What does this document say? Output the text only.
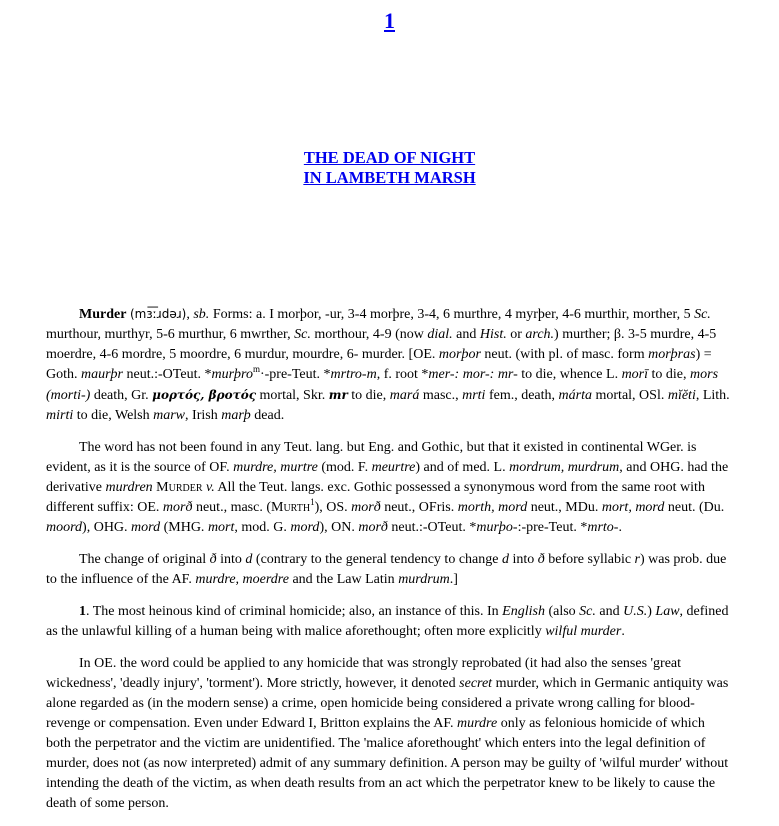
1
THE DEAD OF NIGHT
IN LAMBETH MARSH

Murder (mɜ͞ːɹdəɹ), sb. Forms: a. I morþor, -ur, 3-4 morþre, 3-4, 6 murthre, 4 myrþer, 4-6 murthir, morther, 5 Sc. murthour, murthyr, 5-6 murthur, 6 mwrther, Sc. morthour, 4-9 (now dial. and Hist. or arch.) murther; β. 3-5 murdre, 4-5 moerdre, 4-6 mordre, 5 moordre, 6 murdur, mourdre, 6- murder. [OE. morþor neut. (with pl. of masc. form morþras) = Goth. maurþr neut.:-OTeut. *murþro$^m$·-pre-Teut. *mrtro-m, f. root *mer-: mor-: mr- to die, whence L. morī to die, mors (morti-) death, Gr. μορτός, βροτός mortal, Skr. mr to die, mará masc., mrti fem., death, márta mortal, OSl. mĭĕti, Lith. mirti to die, Welsh marw, Irish marþ dead.

The word has not been found in any Teut. lang. but Eng. and Gothic, but that it existed in continental WGer. is evident, as it is the source of OF. murdre, murtre (mod. F. meurtre) and of med. L. mordrum, murdrum, and OHG. had the derivative murdren Murder v. All the Teut. langs. exc. Gothic possessed a synonymous word from the same root with different suffix: OE. morð neut., masc. (Murth$^1$), OS. morð neut., OFris. morth, mord neut., MDu. mort, mord neut. (Du. moord), OHG. mord (MHG. mort, mod. G. mord), ON. morð neut.:-OTeut. *murþo-:-pre-Teut. *mrto-.

The change of original ð into d (contrary to the general tendency to change d into ð before syllabic r) was prob. due to the influence of the AF. murdre, moerdre and the Law Latin murdrum.]

1. The most heinous kind of criminal homicide; also, an instance of this. In English (also Sc. and U.S.) Law, defined as the unlawful killing of a human being with malice aforethought; often more explicitly wilful murder.

In OE. the word could be applied to any homicide that was strongly reprobated (it had also the senses 'great wickedness', 'deadly injury', 'torment'). More strictly, however, it denoted secret murder, which in Germanic antiquity was alone regarded as (in the modern sense) a crime, open homicide being considered a private wrong calling for blood-revenge or compensation. Even under Edward I, Britton explains the AF. murdre only as felonious homicide of which both the perpetrator and the victim are unidentified. The 'malice aforethought' which enters into the legal definition of murder, does not (as now interpreted) admit of any summary definition. A person may be guilty of 'wilful murder' without intending the death of the victim, as when death results from an act which the perpetrator knew to be likely to cause the death of some person.
